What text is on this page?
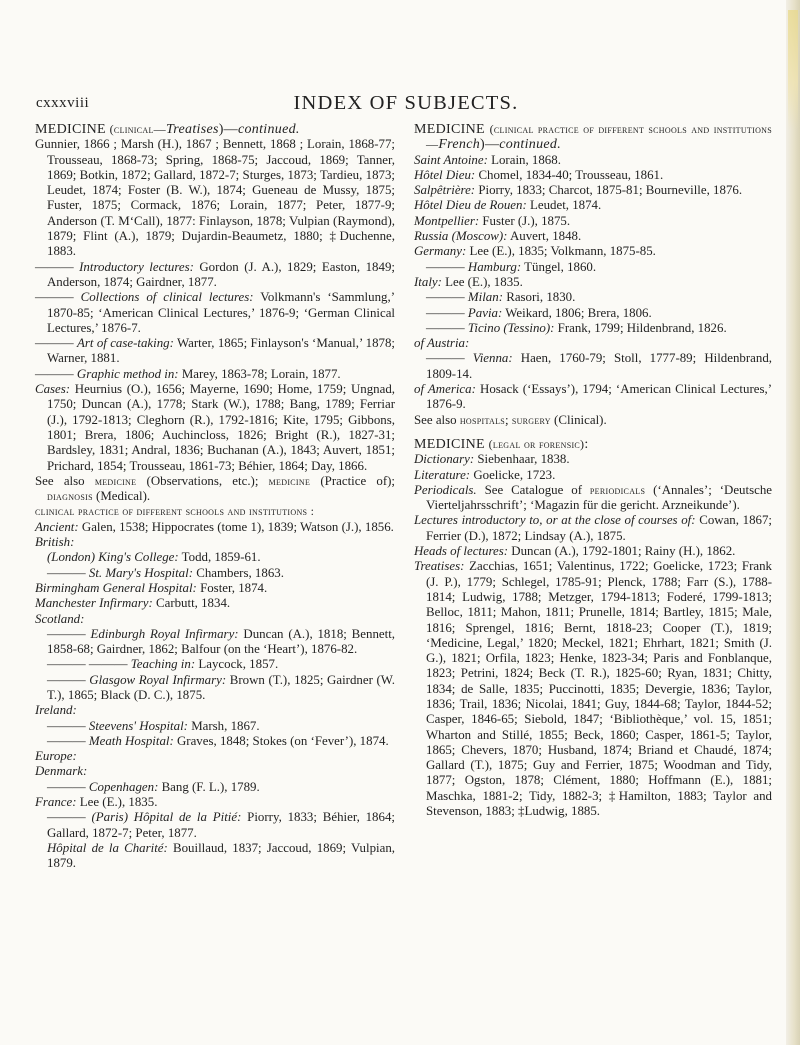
cxxxviii	INDEX OF SUBJECTS.
MEDICINE (clinical—Treatises)—continued.
Gunnier, 1866 ; Marsh (H.), 1867 ; Bennett, 1868 ; Lorain, 1868-77; Trousseau, 1868-73; Spring, 1868-75; Jaccoud, 1869; Tanner, 1869; Botkin, 1872; Gallard, 1872-7; Sturges, 1873; Tardieu, 1873; Leudet, 1874; Foster (B. W.), 1874; Gueneau de Mussy, 1875; Fuster, 1875; Cormack, 1876; Lorain, 1877; Peter, 1877-9; Anderson (T. M‘Call), 1877: Finlayson, 1878; Vulpian (Raymond), 1879; Flint (A.), 1879; Dujardin-Beaumetz, 1880; ‡Duchenne, 1883.
——— Introductory lectures: Gordon (J. A.), 1829; Easton, 1849; Anderson, 1874; Gairdner, 1877.
——— Collections of clinical lectures: Volkmann's ‘Sammlung,’ 1870-85; ‘American Clinical Lectures,’ 1876-9; ‘German Clinical Lectures,’ 1876-7.
——— Art of case-taking: Warter, 1865; Finlayson's ‘Manual,’ 1878; Warner, 1881.
——— Graphic method in: Marey, 1863-78; Lorain, 1877.
Cases: Heurnius (O.), 1656; Mayerne, 1690; Home, 1759; Ungnad, 1750; Duncan (A.), 1778; Stark (W.), 1788; Bang, 1789; Ferriar (J.), 1792-1813; Cleghorn (R.), 1792-1816; Kite, 1795; Gibbons, 1801; Brera, 1806; Auchincloss, 1826; Bright (R.), 1827-31; Bardsley, 1831; Andral, 1836; Buchanan (A.), 1843; Auvert, 1851; Prichard, 1854; Trousseau, 1861-73; Béhier, 1864; Day, 1866.
See also medicine (Observations, etc.); medicine (Practice of); diagnosis (Medical).
clinical practice of different schools and institutions :
Ancient: Galen, 1538; Hippocrates (tome 1), 1839; Watson (J.), 1856.
British:
(London) King's College: Todd, 1859-61.
——— St. Mary's Hospital: Chambers, 1863.
Birmingham General Hospital: Foster, 1874.
Manchester Infirmary: Carbutt, 1834.
Scotland:
——— Edinburgh Royal Infirmary: Duncan (A.), 1818; Bennett, 1858-68; Gairdner, 1862; Balfour (on the ‘Heart’), 1876-82.
——— ——— Teaching in: Laycock, 1857.
——— Glasgow Royal Infirmary: Brown (T.), 1825; Gairdner (W. T.), 1865; Black (D. C.), 1875.
Ireland:
——— Steevens' Hospital: Marsh, 1867.
——— Meath Hospital: Graves, 1848; Stokes (on ‘Fever’), 1874.
Europe:
Denmark:
——— Copenhagen: Bang (F. L.), 1789.
France: Lee (E.), 1835.
——— (Paris) Hôpital de la Pitié: Piorry, 1833; Béhier, 1864; Gallard, 1872-7; Peter, 1877.
Hôpital de la Charité: Bouillaud, 1837; Jaccoud, 1869; Vulpian, 1879.
MEDICINE (clinical practice of different schools and institutions—French)—continued.
Saint Antoine: Lorain, 1868.
Hôtel Dieu: Chomel, 1834-40; Trousseau, 1861.
Salpêtrière: Piorry, 1833; Charcot, 1875-81; Bourneville, 1876.
Hôtel Dieu de Rouen: Leudet, 1874.
Montpellier: Fuster (J.), 1875.
Russia (Moscow): Auvert, 1848.
Germany: Lee (E.), 1835; Volkmann, 1875-85.
——— Hamburg: Tüngel, 1860.
Italy: Lee (E.), 1835.
——— Milan: Rasori, 1830.
——— Pavia: Weikard, 1806; Brera, 1806.
——— Ticino (Tessino): Frank, 1799; Hildenbrand, 1826.
of Austria:
——— Vienna: Haen, 1760-79; Stoll, 1777-89; Hildenbrand, 1809-14.
of America: Hosack (‘Essays’), 1794; ‘American Clinical Lectures,’ 1876-9.
See also hospitals; surgery (Clinical).
MEDICINE (legal or forensic):
Dictionary: Siebenhaar, 1838.
Literature: Goelicke, 1723.
Periodicals. See Catalogue of periodicals (‘Annales’; ‘Deutsche Vierteljahrsschrift’; ‘Magazin für die gericht. Arzneikunde’).
Lectures introductory to, or at the close of courses of: Cowan, 1867; Ferrier (D.), 1872; Lindsay (A.), 1875.
Heads of lectures: Duncan (A.), 1792-1801; Rainy (H.), 1862.
Treatises: Zacchias, 1651; Valentinus, 1722; Goelicke, 1723; Frank (J. P.), 1779; Schlegel, 1785-91; Plenck, 1788; Farr (S.), 1788-1814; Ludwig, 1788; Metzger, 1794-1813; Foderé, 1799-1813; Belloc, 1811; Mahon, 1811; Prunelle, 1814; Bartley, 1815; Male, 1816; Sprengel, 1816; Bernt, 1818-23; Cooper (T.), 1819; ‘Medicine, Legal,’ 1820; Meckel, 1821; Ehrhart, 1821; Smith (J. G.), 1821; Orfila, 1823; Henke, 1823-34; Paris and Fonblanque, 1823; Petrini, 1824; Beck (T. R.), 1825-60; Ryan, 1831; Chitty, 1834; de Salle, 1835; Puccinotti, 1835; Devergie, 1836; Taylor, 1836; Trail, 1836; Nicolai, 1841; Guy, 1844-68; Taylor, 1844-52; Casper, 1846-65; Siebold, 1847; ‘Bibliothèque,’ vol. 15, 1851; Wharton and Stillé, 1855; Beck, 1860; Casper, 1861-5; Taylor, 1865; Chevers, 1870; Husband, 1874; Briand et Chaudé, 1874; Gallard (T.), 1875; Guy and Ferrier, 1875; Woodman and Tidy, 1877; Ogston, 1878; Clément, 1880; Hoffmann (E.), 1881; Maschka, 1881-2; Tidy, 1882-3; ‡Hamilton, 1883; Taylor and Stevenson, 1883; ‡Ludwig, 1885.
